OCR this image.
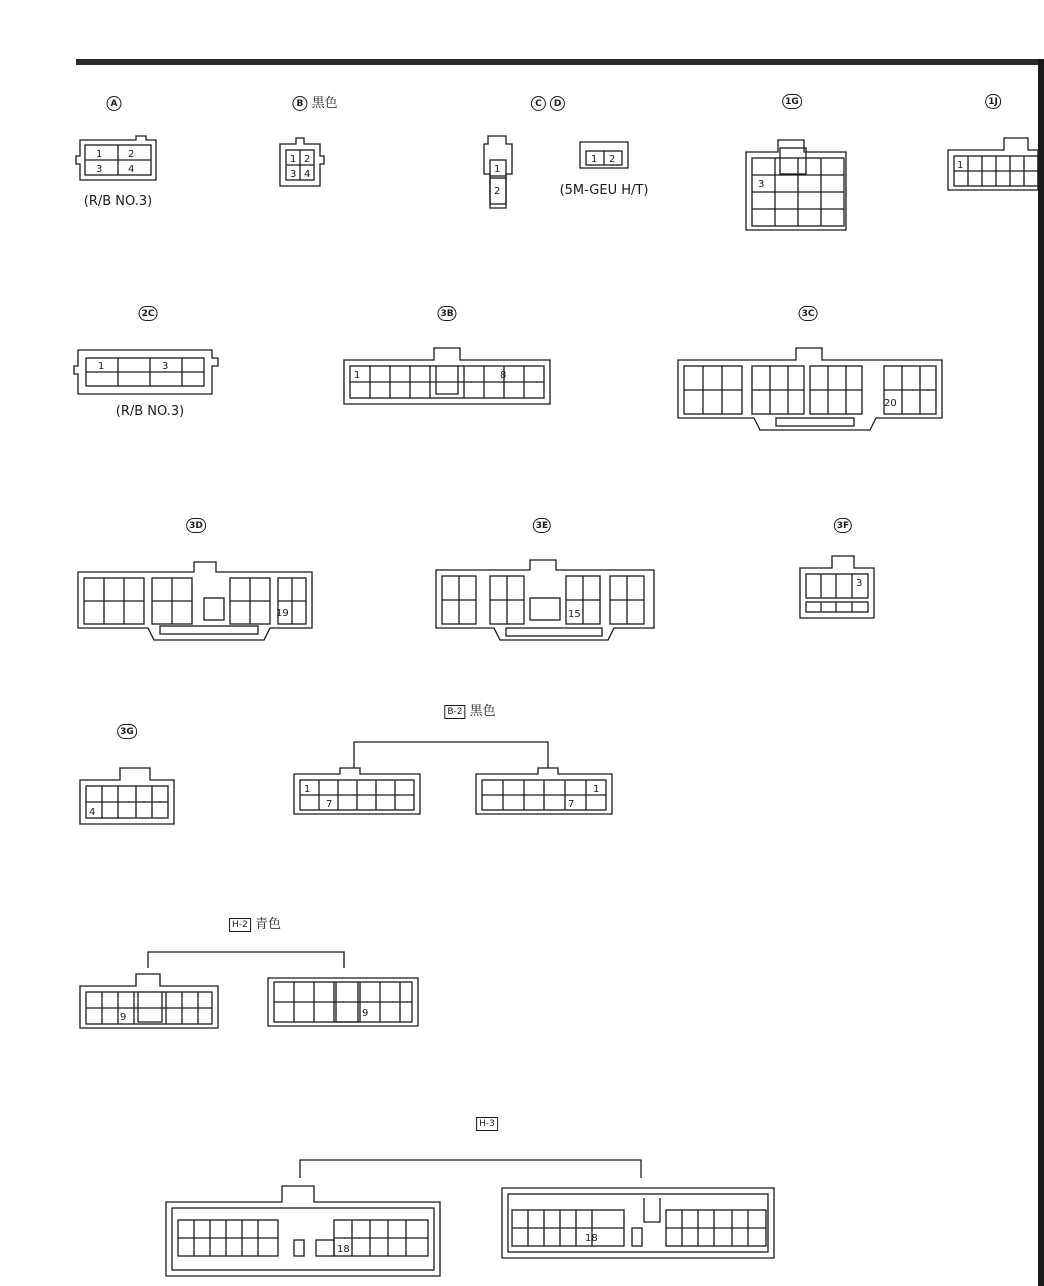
A
1	2
3	4
(R/B NO.3)
B 黒色
1 2
3 4
C D
1
2
1 2
(5M-GEU H/T)
1G
3
1J
1
2C
1	3
(R/B NO.3)
3B
1	8
3C
20
3D
19
3E
15
3F
3
3G
4
B-2 黒色
1
7
1
7
H-2 青色
9	9
H-3
18
18
